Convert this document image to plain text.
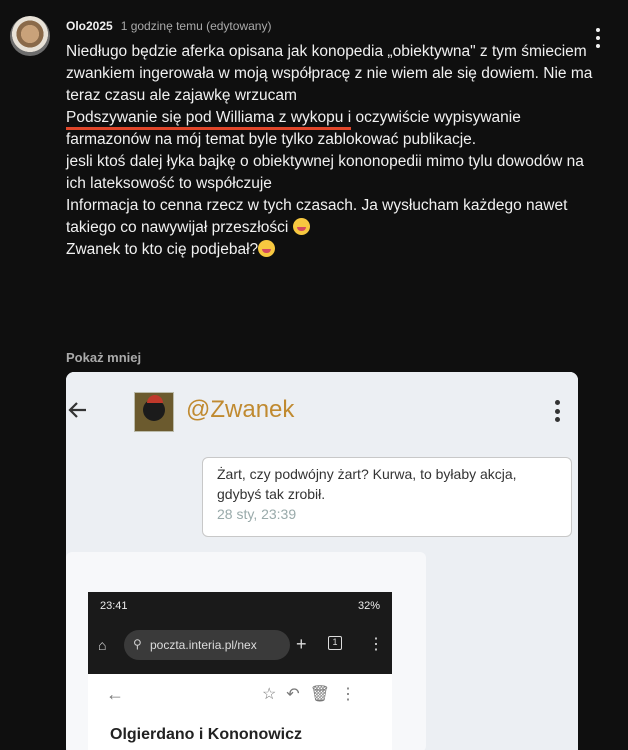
Olo2025 1 godzinę temu (edytowany)
Niedługo będzie aferka opisana jak konopedia „obiektywna" z tym śmieciem zwankiem ingerowała w moją współpracę z nie wiem ale się dowiem. Nie ma teraz czasu ale zajawkę wrzucam
Podszywanie się pod Williama z wykopu i oczywiście wypisywanie farmazonów na mój temat byle tylko zablokować publikacje.
jesli ktoś dalej łyka bajkę o obiektywnej kononopedii mimo tylu dowodów na ich lateksowość to współczuje
Informacja to cenna rzecz w tych czasach. Ja wysłucham każdego nawet takiego co nawywijał przeszłości
Zwanek to kto cię podjebał?
Pokaż mniej
@Zwanek
Żart, czy podwójny żart? Kurwa, to byłaby akcja, gdybyś tak zrobił.
28 sty, 23:39
23:41	32%
⌂
⚲	poczta.interia.pl/nex	+	1 ⋮
←	☆↶🗑⋮
Olgierdano i Kononowicz
